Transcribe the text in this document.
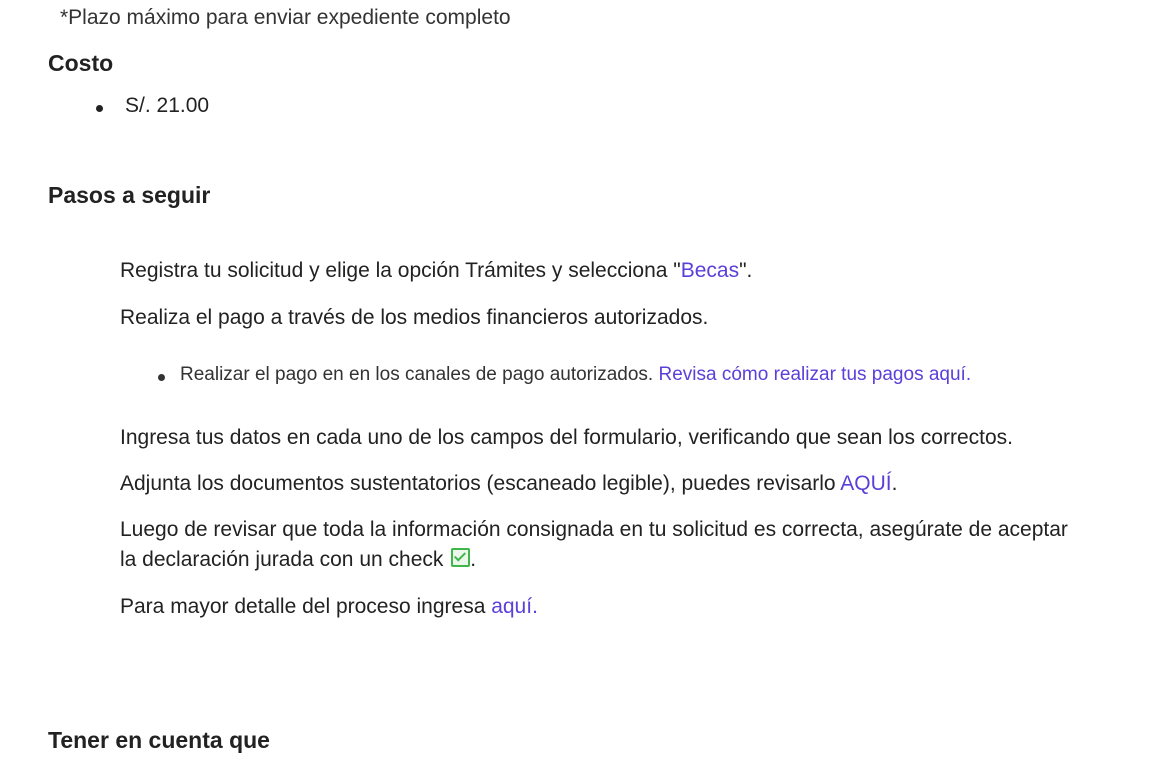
*Plazo máximo para enviar expediente completo
Costo
S/. 21.00
Pasos a seguir

Registra tu solicitud y elige la opción Trámites y selecciona "Becas".

Realiza el pago a través de los medios financieros autorizados.

Realizar el pago en en los canales de pago autorizados. Revisa cómo realizar tus pagos aquí.

Ingresa tus datos en cada uno de los campos del formulario, verificando que sean los correctos.

Adjunta los documentos sustentatorios (escaneado legible), puedes revisarlo AQUÍ.

Luego de revisar que toda la información consignada en tu solicitud es correcta, asegúrate de aceptar la declaración jurada con un check .

Para mayor detalle del proceso ingresa aquí.

Tener en cuenta que
